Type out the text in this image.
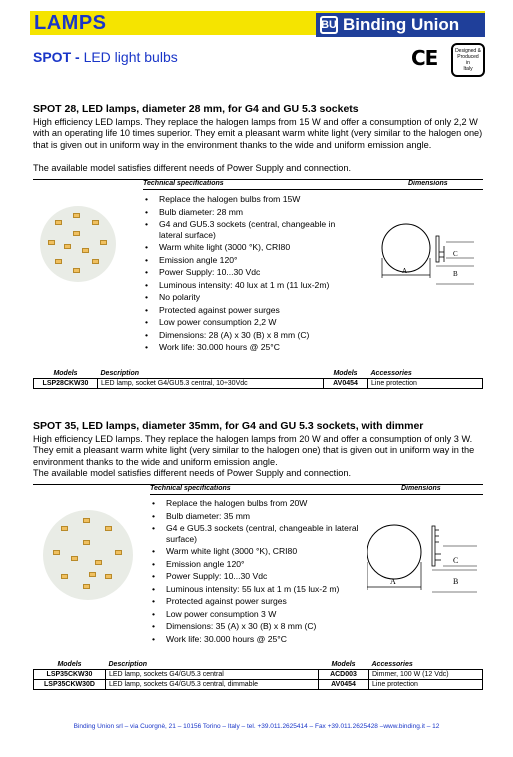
LAMPS	BU Binding Union
SPOT - LED light bulbs	CE	Designed &
Produced
in
Italy
SPOT 28, LED lamps, diameter 28 mm, for G4 and GU 5.3 sockets
High efficiency LED lamps. They replace the halogen lamps from 15 W and offer a consumption of only 2,2 W with an operating life 10 times superior. They emit a pleasant warm white light (very similar to the halogen one) that is given out in uniform way in the environment thanks to the wide and uniform emission angle.
The available model satisfies different needs of Power Supply and connection.
Technical specifications	Dimensions
• Replace the halogen bulbs from 15W
• Bulb diameter: 28 mm
• G4 and GU5.3 sockets (central, changeable in lateral surface)
• Warm white light (3000 °K), CRI80
• Emission angle 120°
• Power Supply: 10...30 Vdc
• Luminous intensity: 40 lux at 1 m (11 lux-2m)
• No polarity
• Protected against power surges
• Low power consumption 2,2 W
• Dimensions: 28 (A) x 30 (B) x 8 mm (C)
• Work life: 30.000 hours @ 25°C
A
C
B
Models	Description	Models	Accessories
LSP28CKW30	LED lamp, socket G4/GU5.3 central, 10÷30Vdc	AV0454	Line protection
SPOT 35, LED lamps, diameter 35mm, for G4 and GU 5.3 sockets, with dimmer
High efficiency LED lamps. They replace the halogen lamps from 20 W and offer a consumption of only 3 W. They emit a pleasant warm white light (very similar to the halogen one) that is given out in uniform way in the environment thanks to the wide and uniform emission angle.
The available model satisfies different needs of Power Supply and connection.
Technical specifications	Dimensions
• Replace the halogen bulbs from 20W
• Bulb diameter: 35 mm
• G4 e GU5.3 sockets (central, changeable in lateral surface)
• Warm white light (3000 °K), CRI80
• Emission angle 120°
• Power Supply: 10...30 Vdc
• Luminous intensity: 55 lux at 1 m (15 lux-2 m)
• Protected against power surges
• Low power consumption 3 W
• Dimensions: 35 (A) x 30 (B) x 8 mm (C)
• Work life: 30.000 hours @ 25°C
A
C
B
Models	Description	Models	Accessories
LSP35CKW30	LED lamp, sockets G4/GU5.3 central	ACD003	Dimmer, 100 W (12 Vdc)
LSP35CKW30D	LED lamp, sockets G4/GU5.3 central, dimmable	AV0454	Line protection
Binding Union srl – via Cuorgnè, 21 – 10156 Torino – Italy – tel. +39.011.2625414 – Fax +39.011.2625428 –www.binding.it – 12
